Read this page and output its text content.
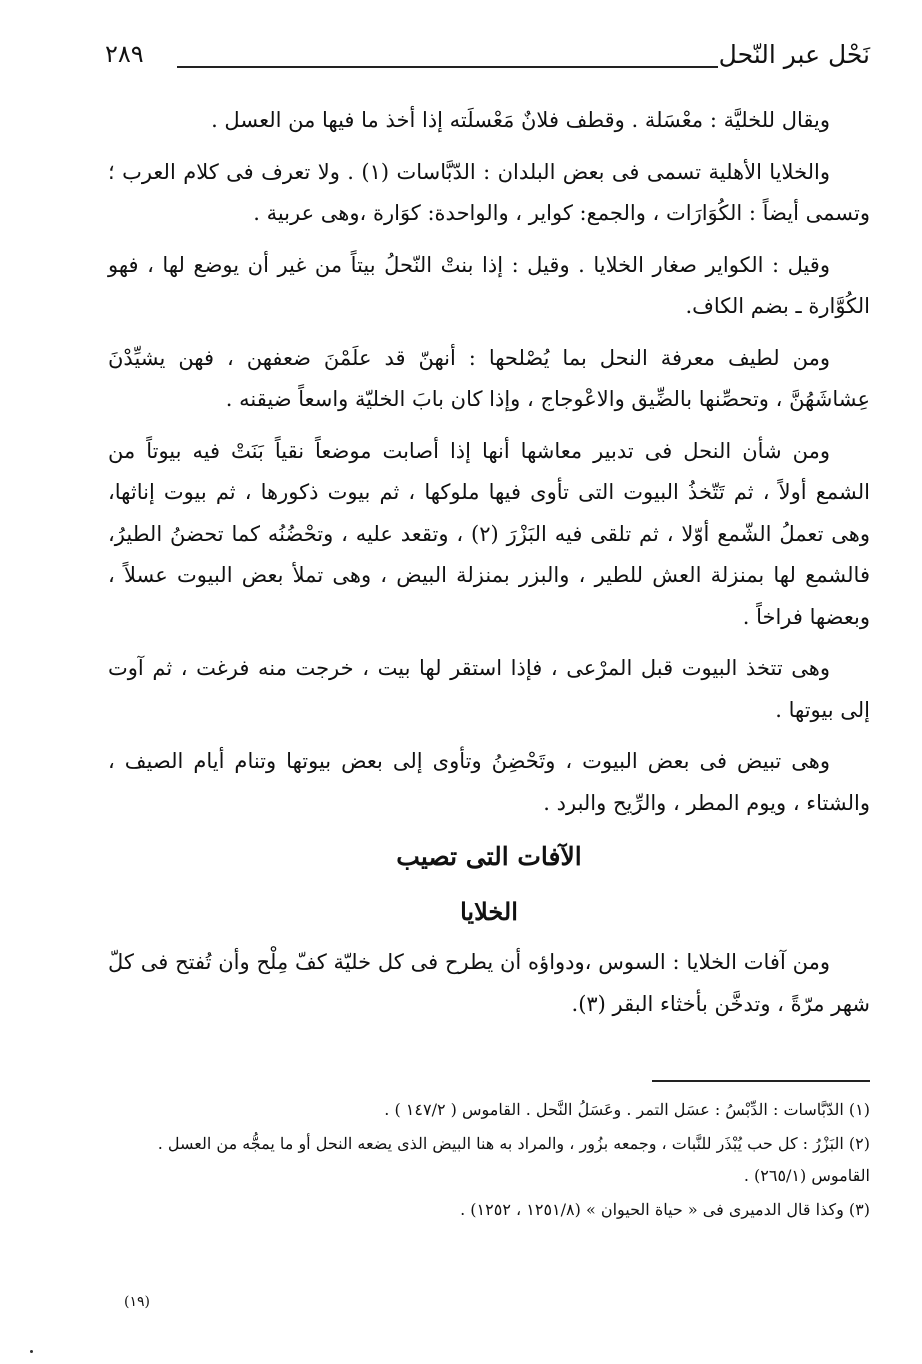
نَحْل عبر النّحل
٢٨٩

ويقال للخليَّة : معْسَلة . وقطف فلانٌ مَعْسلَته إذا أخذ ما فيها من العسل .

والخلايا الأهلية تسمى فى بعض البلدان : الدّبَّاسات (١) . ولا تعرف فى كلام العرب ؛ وتسمى أيضاً : الكُوَارَات ، والجمع: كواير ، والواحدة: كوَارة ،وهى عربية .

وقيل : الكواير صغار الخلايا . وقيل : إذا بنتْ النّحلُ بيتاً من غير أن يوضع لها ، فهو الكُوَّارة ـ بضم الكاف.

ومن لطيف معرفة النحل بما يُصْلحها : أنهنّ قد علَمْنَ ضعفهن ، فهن يشيِّدْنَ عِشاشَهُنَّ ، وتحصِّنها بالضِّيق والاعْوجاج ، وإذا كان بابَ الخليّة واسعاً ضيقنه .

ومن شأن النحل فى تدبير معاشها أنها إذا أصابت موضعاً نقياً بَنَتْ فيه بيوتاً من الشمع أولاً ، ثم تَتّخذُ البيوت التى تأوى فيها ملوكها ، ثم بيوت ذكورها ، ثم بيوت إناثها، وهى تعملُ الشّمع أوّلا ، ثم تلقى فيه البَزْرَ (٢) ، وتقعد عليه ، وتحْضُنُه كما تحضنُ الطيرُ، فالشمع لها بمنزلة العش للطير ، والبزر بمنزلة البيض ، وهى تملأ بعض البيوت عسلاً ، وبعضها فراخاً .

وهى تتخذ البيوت قبل المرْعى ، فإذا استقر لها بيت ، خرجت منه فرغت ، ثم آوت إلى بيوتها .

وهى تبيض فى بعض البيوت ، وتَحْضِنُ وتأوى إلى بعض بيوتها وتنام أيام الصيف ، والشتاء ، ويوم المطر ، والرِّيح والبرد .

الآفات التى تصيب
الخلايا

ومن آفات الخلايا : السوس ،ودواؤه أن يطرح فى كل خليّة كفّ مِلْح وأن تُفتح فى كلّ شهر مرّةً ، وتدخَّن بأخثاء البقر (٣).

(١) الدّبَّاسات : الدِّبْسُ : عسَل التمر . وعَسَلُ النَّحل . القاموس ( ١٤٧/٢ ) .

(٢) البَزْرُ : كل حب يُبْذَر للنَّبات ، وجمعه بزُور ، والمراد به هنا البيض الذى يضعه النحل أو ما يمجُّه من العسل . القاموس (٢٦٥/١) .

(٣) وكذا قال الدميرى فى « حياة الحيوان » (١٢٥١/٨ ، ١٢٥٢) .

(١٩)
